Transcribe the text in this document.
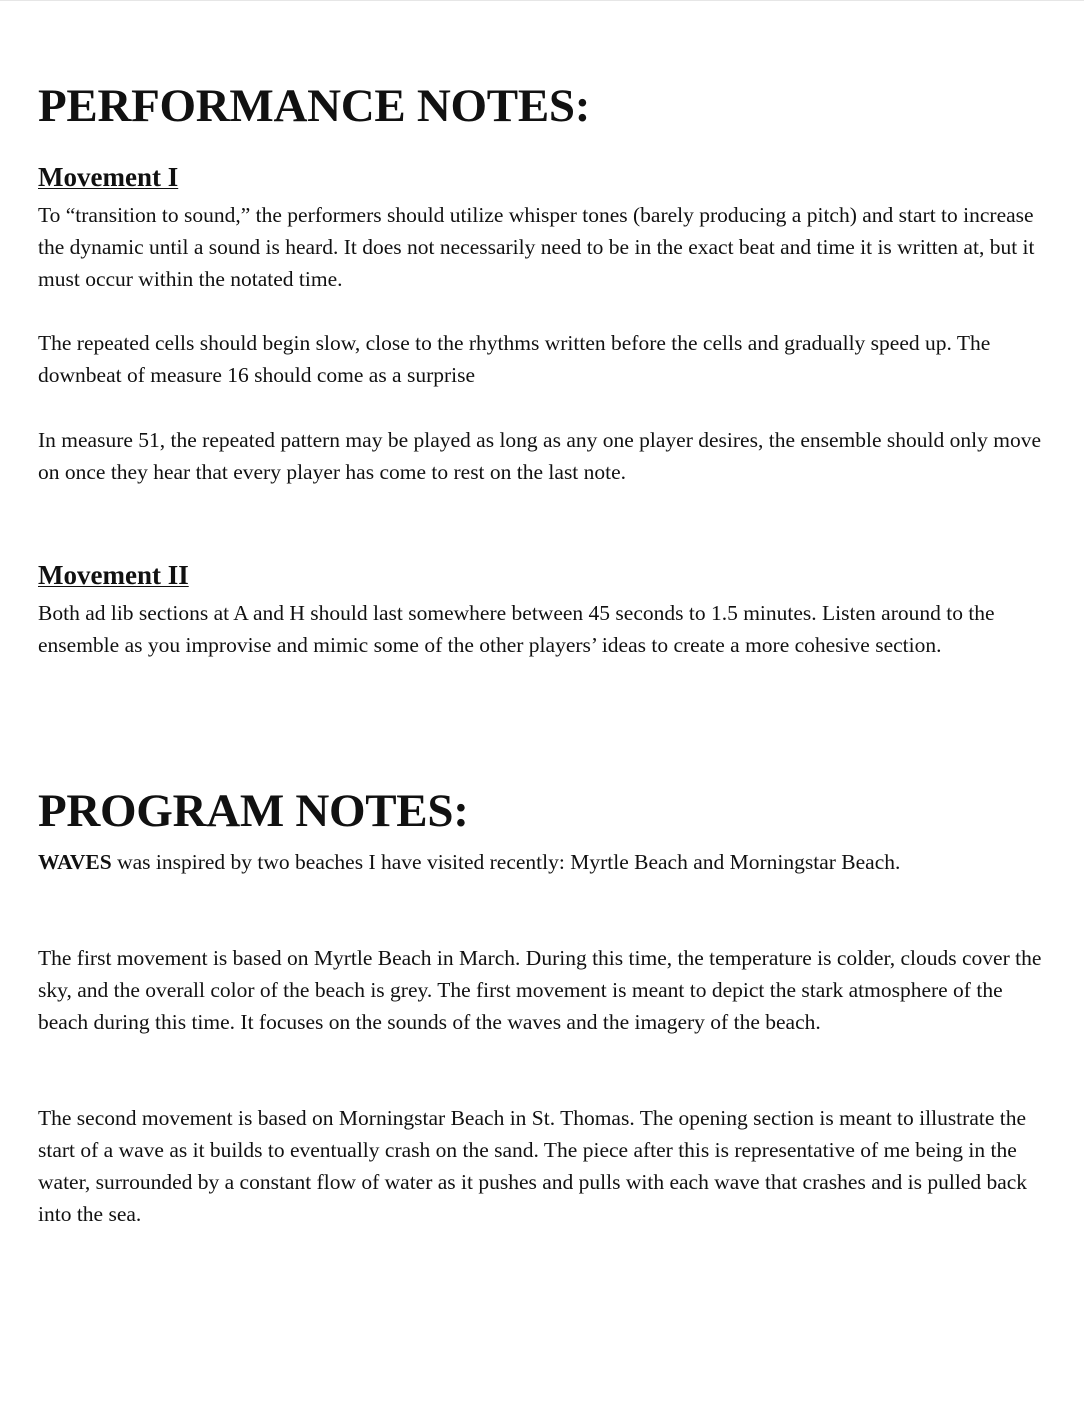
PERFORMANCE NOTES:
Movement I

To “transition to sound,” the performers should utilize whisper tones (barely producing a pitch) and start to increase the dynamic until a sound is heard. It does not necessarily need to be in the exact beat and time it is written at, but it must occur within the notated time.

The repeated cells should begin slow, close to the rhythms written before the cells and gradually speed up. The downbeat of measure 16 should come as a surprise

In measure 51, the repeated pattern may be played as long as any one player desires, the ensemble should only move on once they hear that every player has come to rest on the last note.

Movement II

Both ad lib sections at A and H should last somewhere between 45 seconds to 1.5 minutes. Listen around to the ensemble as you improvise and mimic some of the other players’ ideas to create a more cohesive section.

PROGRAM NOTES:

WAVES was inspired by two beaches I have visited recently: Myrtle Beach and Morningstar Beach.

The first movement is based on Myrtle Beach in March. During this time, the temperature is colder, clouds cover the sky, and the overall color of the beach is grey. The first movement is meant to depict the stark atmosphere of the beach during this time. It focuses on the sounds of the waves and the imagery of the beach.

The second movement is based on Morningstar Beach in St. Thomas. The opening section is meant to illustrate the start of a wave as it builds to eventually crash on the sand. The piece after this is representative of me being in the water, surrounded by a constant flow of water as it pushes and pulls with each wave that crashes and is pulled back into the sea.
